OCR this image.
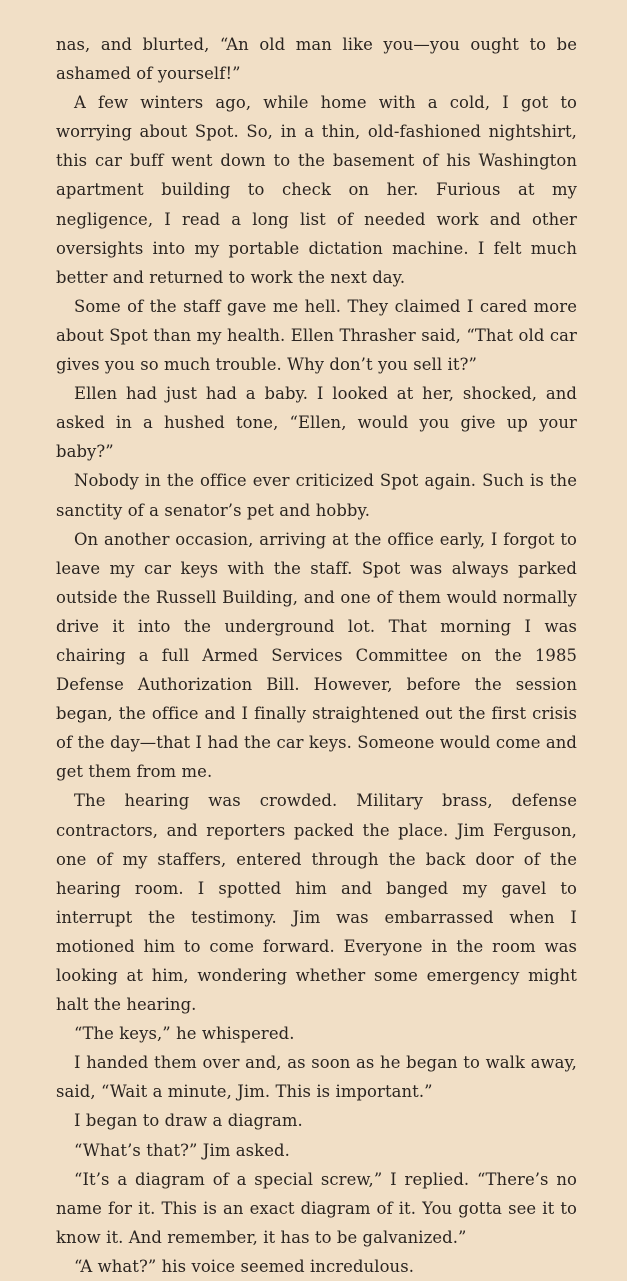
nas, and blurted, “An old man like you—you ought to be ashamed of yourself!”

A few winters ago, while home with a cold, I got to worrying about Spot. So, in a thin, old-fashioned nightshirt, this car buff went down to the basement of his Washington apartment building to check on her. Furious at my negligence, I read a long list of needed work and other oversights into my portable dictation machine. I felt much better and returned to work the next day.

Some of the staff gave me hell. They claimed I cared more about Spot than my health. Ellen Thrasher said, “That old car gives you so much trouble. Why don’t you sell it?”

Ellen had just had a baby. I looked at her, shocked, and asked in a hushed tone, “Ellen, would you give up your baby?”

Nobody in the office ever criticized Spot again. Such is the sanctity of a senator’s pet and hobby.

On another occasion, arriving at the office early, I forgot to leave my car keys with the staff. Spot was always parked outside the Russell Building, and one of them would normally drive it into the underground lot. That morning I was chairing a full Armed Services Committee on the 1985 Defense Authorization Bill. However, before the session began, the office and I finally straightened out the first crisis of the day—that I had the car keys. Someone would come and get them from me.

The hearing was crowded. Military brass, defense contractors, and reporters packed the place. Jim Ferguson, one of my staffers, entered through the back door of the hearing room. I spotted him and banged my gavel to interrupt the testimony. Jim was embarrassed when I motioned him to come forward. Everyone in the room was looking at him, wondering whether some emergency might halt the hearing.

“The keys,” he whispered.

I handed them over and, as soon as he began to walk away, said, “Wait a minute, Jim. This is important.”

I began to draw a diagram.

“What’s that?” Jim asked.

“It’s a diagram of a special screw,” I replied. “There’s no name for it. This is an exact diagram of it. You gotta see it to know it. And remember, it has to be galvanized.”

“A what?” his voice seemed incredulous.
